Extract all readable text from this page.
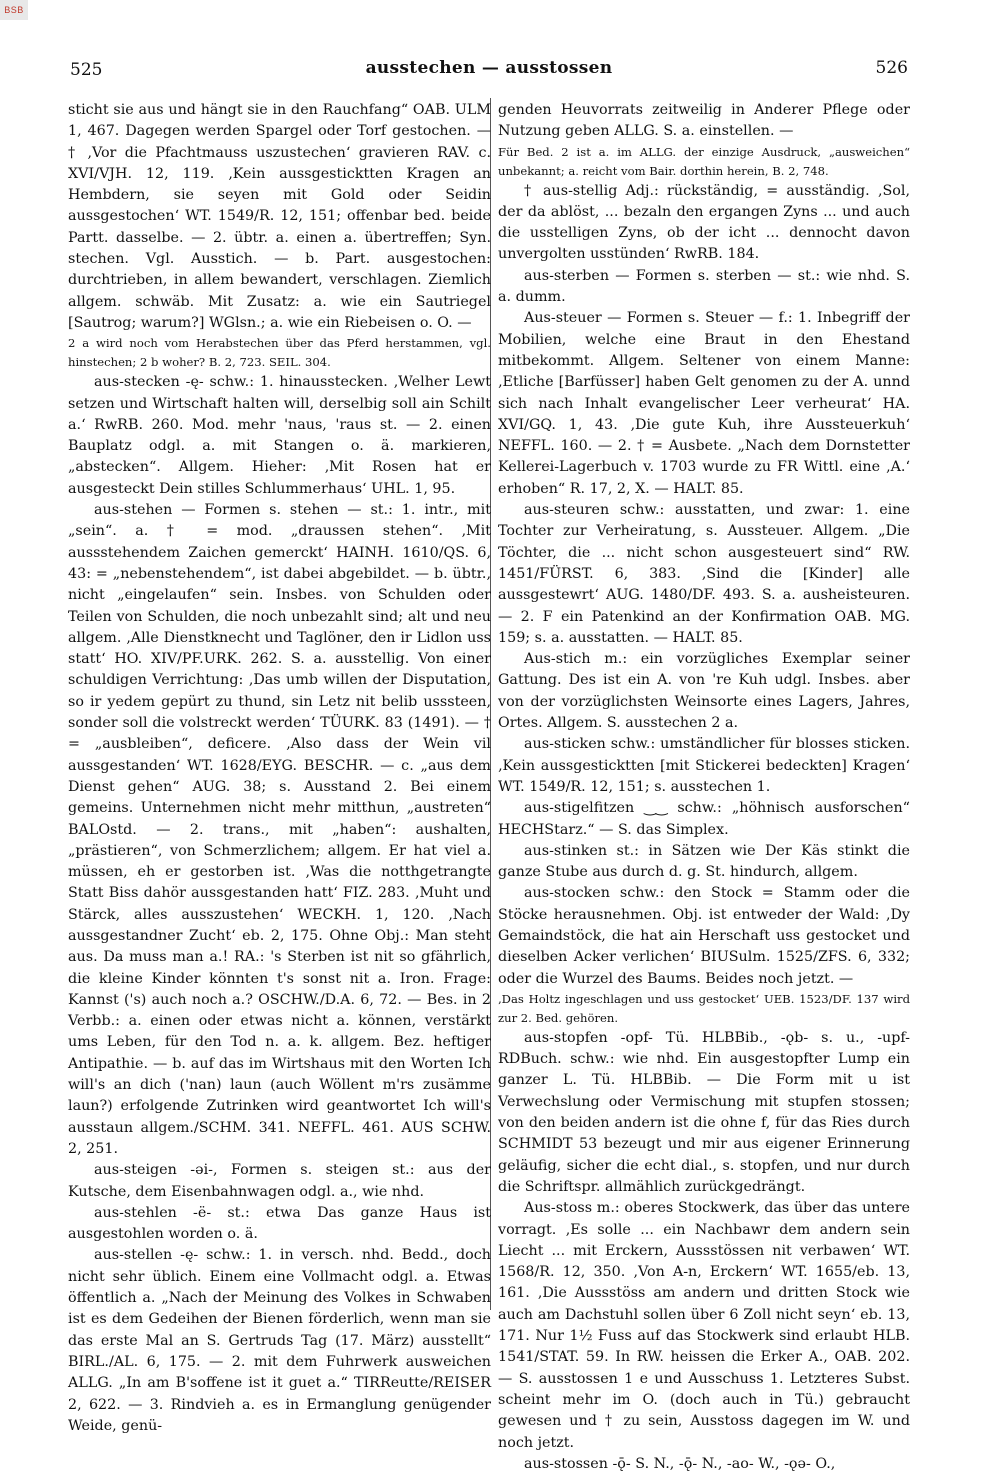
BSB
525	ausstechen — ausstossen	526

sticht sie aus und hängt sie in den Rauchfang“ OAB. ULM 1, 467. Dagegen werden Spargel oder Torf gestochen. — † ‚Vor die Pfachtmauss uszustechen‘ gravieren RAV. c. XVI/VJH. 12, 119. ‚Kein aussgesticktten Kragen an Hembdern, sie seyen mit Gold oder Seidin aussgestochen‘ WT. 1549/R. 12, 151; offenbar bed. beide Partt. dasselbe. — 2. übtr. a. einen a. übertreffen; Syn. stechen. Vgl. Ausstich. — b. Part. ausgestochen: durchtrieben, in allem bewandert, verschlagen. Ziemlich allgem. schwäb. Mit Zusatz: a. wie ein Sautriegel [Sautrog; warum?] WGlsn.; a. wie ein Riebeisen o. O. —

2 a wird noch vom Herabstechen über das Pferd herstammen, vgl. hinstechen; 2 b woher? B. 2, 723. SEIL. 304.

aus-stecken -ę- schw.: 1. hinausstecken. ‚Welher Lewt setzen und Wirtschaft halten will, derselbig soll ain Schilt a.‘ RwRB. 260. Mod. mehr 'naus, 'raus st. — 2. einen Bauplatz odgl. a. mit Stangen o. ä. markieren, „abstecken“. Allgem. Hieher: ‚Mit Rosen hat er ausgesteckt Dein stilles Schlummerhaus‘ UHL. 1, 95.

aus-stehen — Formen s. stehen — st.: 1. intr., mit „sein“. a. † = mod. „draussen stehen“. ‚Mit aussstehendem Zaichen gemerckt‘ HAINH. 1610/QS. 6, 43: = „nebenstehendem“, ist dabei abgebildet. — b. übtr., nicht „eingelaufen“ sein. Insbes. von Schulden oder Teilen von Schulden, die noch unbezahlt sind; alt und neu allgem. ‚Alle Dienstknecht und Taglöner, den ir Lidlon uss statt‘ HO. XIV/PF.URK. 262. S. a. ausstellig. Von einer schuldigen Verrichtung: ‚Das umb willen der Disputation, so ir yedem gepürt zu thund, sin Letz nit belib usssteen, sonder soll die volstreckt werden‘ TÜURK. 83 (1491). — † = „ausbleiben“, deficere. ‚Also dass der Wein vil aussgestanden‘ WT. 1628/EYG. BESCHR. — c. „aus dem Dienst gehen“ AUG. 38; s. Ausstand 2. Bei einem gemeins. Unternehmen nicht mehr mitthun, „austreten“ BALOstd. — 2. trans., mit „haben“: aushalten, „prästieren“, von Schmerzlichem; allgem. Er hat viel a. müssen, eh er gestorben ist. ‚Was die notthgetrangte Statt Biss dahör aussgestanden hatt‘ FIZ. 283. ‚Muht und Stärck, alles ausszustehen‘ WECKH. 1, 120. ‚Nach aussgestandner Zucht‘ eb. 2, 175. Ohne Obj.: Man steht aus. Da muss man a.! RA.: 's Sterben ist nit so gfährlich, die kleine Kinder könnten t's sonst nit a. Iron. Frage: Kannst ('s) auch noch a.? OSCHW./D.A. 6, 72. — Bes. in 2 Verbb.: a. einen oder etwas nicht a. können, verstärkt ums Leben, für den Tod n. a. k. allgem. Bez. heftiger Antipathie. — b. auf das im Wirtshaus mit den Worten Ich will's an dich ('nan) laun (auch Wöllent m'rs zusämme laun?) erfolgende Zutrinken wird geantwortet Ich will's ausstaun allgem./SCHM. 341. NEFFL. 461. AUS SCHW. 2, 251.

aus-steigen -əi-, Formen s. steigen st.: aus der Kutsche, dem Eisenbahnwagen odgl. a., wie nhd.

aus-stehlen -ë- st.: etwa Das ganze Haus ist ausgestohlen worden o. ä.

aus-stellen -ę- schw.: 1. in versch. nhd. Bedd., doch nicht sehr üblich. Einem eine Vollmacht odgl. a. Etwas öffentlich a. „Nach der Meinung des Volkes in Schwaben ist es dem Gedeihen der Bienen förderlich, wenn man sie das erste Mal an S. Gertruds Tag (17. März) ausstellt“ BIRL./AL. 6, 175. — 2. mit dem Fuhrwerk ausweichen ALLG. „In am B'soffene ist it guet a.“ TIRReutte/REISER 2, 622. — 3. Rindvieh a. es in Ermanglung genügender Weide, genü-

genden Heuvorrats zeitweilig in Anderer Pflege oder Nutzung geben ALLG. S. a. einstellen. —

Für Bed. 2 ist a. im ALLG. der einzige Ausdruck, „ausweichen“ unbekannt; a. reicht vom Bair. dorthin herein, B. 2, 748.

† aus-stellig Adj.: rückständig, = ausständig. ‚Sol, der da ablöst, ... bezaln den ergangen Zyns ... und auch die usstelligen Zyns, ob der icht ... dennocht davon unvergolten usstünden‘ RwRB. 184.

aus-sterben — Formen s. sterben — st.: wie nhd. S. a. dumm.

Aus-steuer — Formen s. Steuer — f.: 1. Inbegriff der Mobilien, welche eine Braut in den Ehestand mitbekommt. Allgem. Seltener von einem Manne: ‚Etliche [Barfüsser] haben Gelt genomen zu der A. unnd sich nach Inhalt evangelischer Leer verheurat‘ HA. XVI/GQ. 1, 43. ‚Die gute Kuh, ihre Aussteuerkuh‘ NEFFL. 160. — 2. † = Ausbete. „Nach dem Dornstetter Kellerei-Lagerbuch v. 1703 wurde zu FR Wittl. eine ‚A.‘ erhoben“ R. 17, 2, X. — HALT. 85.

aus-steuren schw.: ausstatten, und zwar: 1. eine Tochter zur Verheiratung, s. Aussteuer. Allgem. „Die Töchter, die ... nicht schon ausgesteuert sind“ RW. 1451/FÜRST. 6, 383. ‚Sind die [Kinder] alle aussgestewrt‘ AUG. 1480/DF. 493. S. a. ausheisteuren. — 2. F ein Patenkind an der Konfirmation OAB. MG. 159; s. a. ausstatten. — HALT. 85.

Aus-stich m.: ein vorzügliches Exemplar seiner Gattung. Des ist ein A. von 're Kuh udgl. Insbes. aber von der vorzüglichsten Weinsorte eines Lagers, Jahres, Ortes. Allgem. S. ausstechen 2 a.

aus-sticken schw.: umständlicher für blosses sticken. ‚Kein aussgesticktten [mit Stickerei bedeckten] Kragen‘ WT. 1549/R. 12, 151; s. ausstechen 1.

aus-stigelfitzen ‿‿ schw.: „höhnisch ausforschen“ HECHStarz.“ — S. das Simplex.

aus-stinken st.: in Sätzen wie Der Käs stinkt die ganze Stube aus durch d. g. St. hindurch, allgem.

aus-stocken schw.: den Stock = Stamm oder die Stöcke herausnehmen. Obj. ist entweder der Wald: ‚Dy Gemaindstöck, die hat ain Herschaft uss gestocket und dieselben Acker verlichen‘ BIUSulm. 1525/ZFS. 6, 332; oder die Wurzel des Baums. Beides noch jetzt. —

‚Das Holtz ingeschlagen und uss gestocket‘ UEB. 1523/DF. 137 wird zur 2. Bed. gehören.

aus-stopfen -opf- Tü. HLBBib., -ǫb- s. u., -upf- RDBuch. schw.: wie nhd. Ein ausgestopfter Lump ein ganzer L. Tü. HLBBib. — Die Form mit u ist Verwechslung oder Vermischung mit stupfen stossen; von den beiden andern ist die ohne f, für das Ries durch SCHMIDT 53 bezeugt und mir aus eigener Erinnerung geläufig, sicher die echt dial., s. stopfen, und nur durch die Schriftspr. allmählich zurückgedrängt.

Aus-stoss m.: oberes Stockwerk, das über das untere vorragt. ‚Es solle ... ein Nachbawr dem andern sein Liecht ... mit Erckern, Aussstössen nit verbawen‘ WT. 1568/R. 12, 350. ‚Von A-n, Erckern‘ WT. 1655/eb. 13, 161. ‚Die Aussstöss am andern und dritten Stock wie auch am Dachstuhl sollen über 6 Zoll nicht seyn‘ eb. 13, 171. Nur 1½ Fuss auf das Stockwerk sind erlaubt HLB. 1541/STAT. 59. In RW. heissen die Erker A., OAB. 202. — S. ausstossen 1 e und Ausschuss 1. Letzteres Subst. scheint mehr im O. (doch auch in Tü.) gebraucht gewesen und † zu sein, Ausstoss dagegen im W. und noch jetzt.

aus-stossen -ǭ- S. N., -ǭ- N., -ao- W., -ǫə- O.,
